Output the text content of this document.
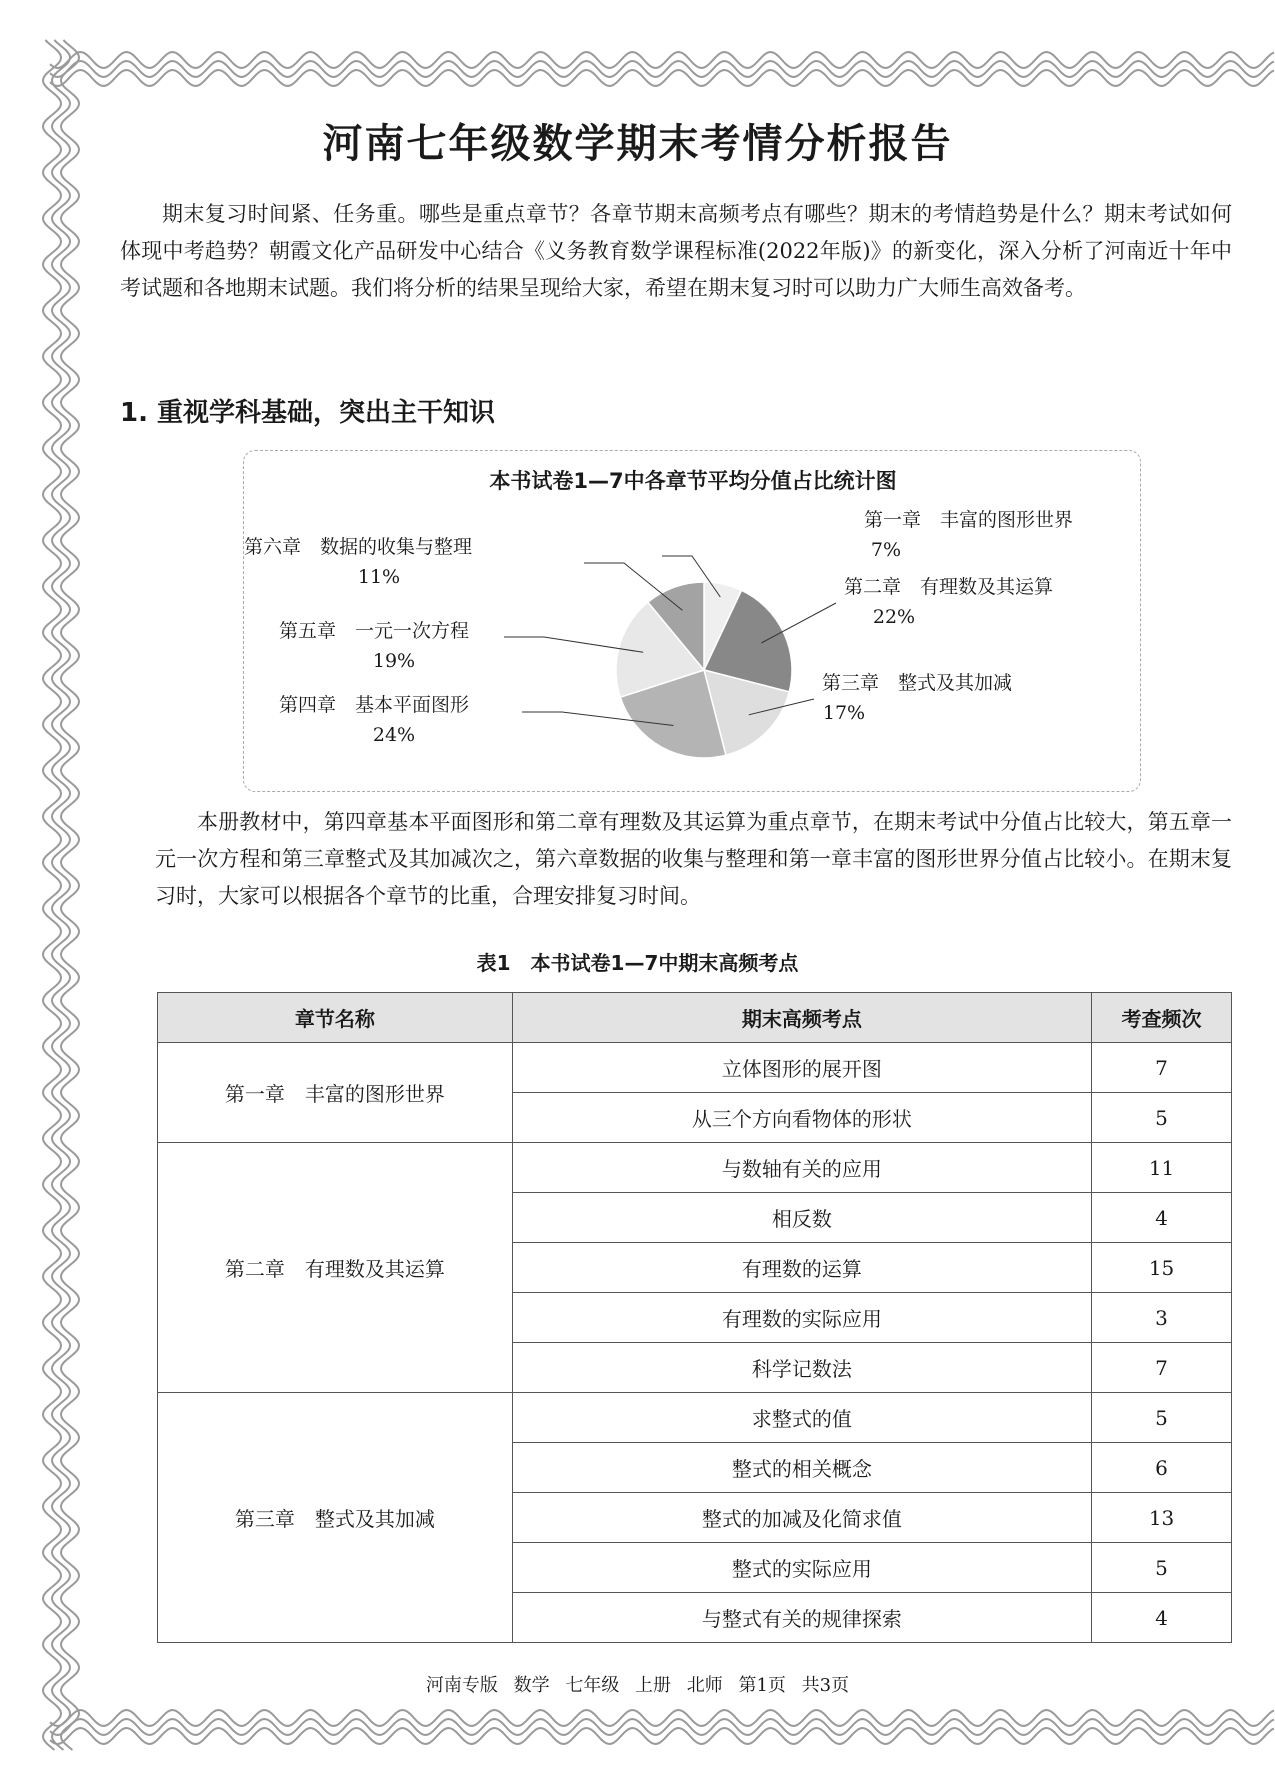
河南七年级数学期末考情分析报告

期末复习时间紧、任务重。哪些是重点章节？各章节期末高频考点有哪些？期末的考情趋势是什么？期末考试如何体现中考趋势？朝霞文化产品研发中心结合《义务教育数学课程标准(2022年版)》的新变化，深入分析了河南近十年中考试题和各地期末试题。我们将分析的结果呈现给大家，希望在期末复习时可以助力广大师生高效备考。

1. 重视学科基础，突出主干知识
本书试卷1—7中各章节平均分值占比统计图
第一章　丰富的图形世界
7%
第二章　有理数及其运算
22%
第三章　整式及其加减
17%
第四章　基本平面图形
24%
第五章　一元一次方程
19%
第六章　数据的收集与整理
11%

本册教材中，第四章基本平面图形和第二章有理数及其运算为重点章节，在期末考试中分值占比较大，第五章一元一次方程和第三章整式及其加减次之，第六章数据的收集与整理和第一章丰富的图形世界分值占比较小。在期末复习时，大家可以根据各个章节的比重，合理安排复习时间。

表1　本书试卷1—7中期末高频考点
章节名称	期末高频考点	考查频次
第一章　丰富的图形世界	立体图形的展开图	7
	从三个方向看物体的形状	5
第二章　有理数及其运算	与数轴有关的应用	11
	相反数	4
	有理数的运算	15
	有理数的实际应用	3
	科学记数法	7
第三章　整式及其加减	求整式的值	5
	整式的相关概念	6
	整式的加减及化简求值	13
	整式的实际应用	5
	与整式有关的规律探索	4

河南专版 数学 七年级 上册 北师 第1页 共3页
